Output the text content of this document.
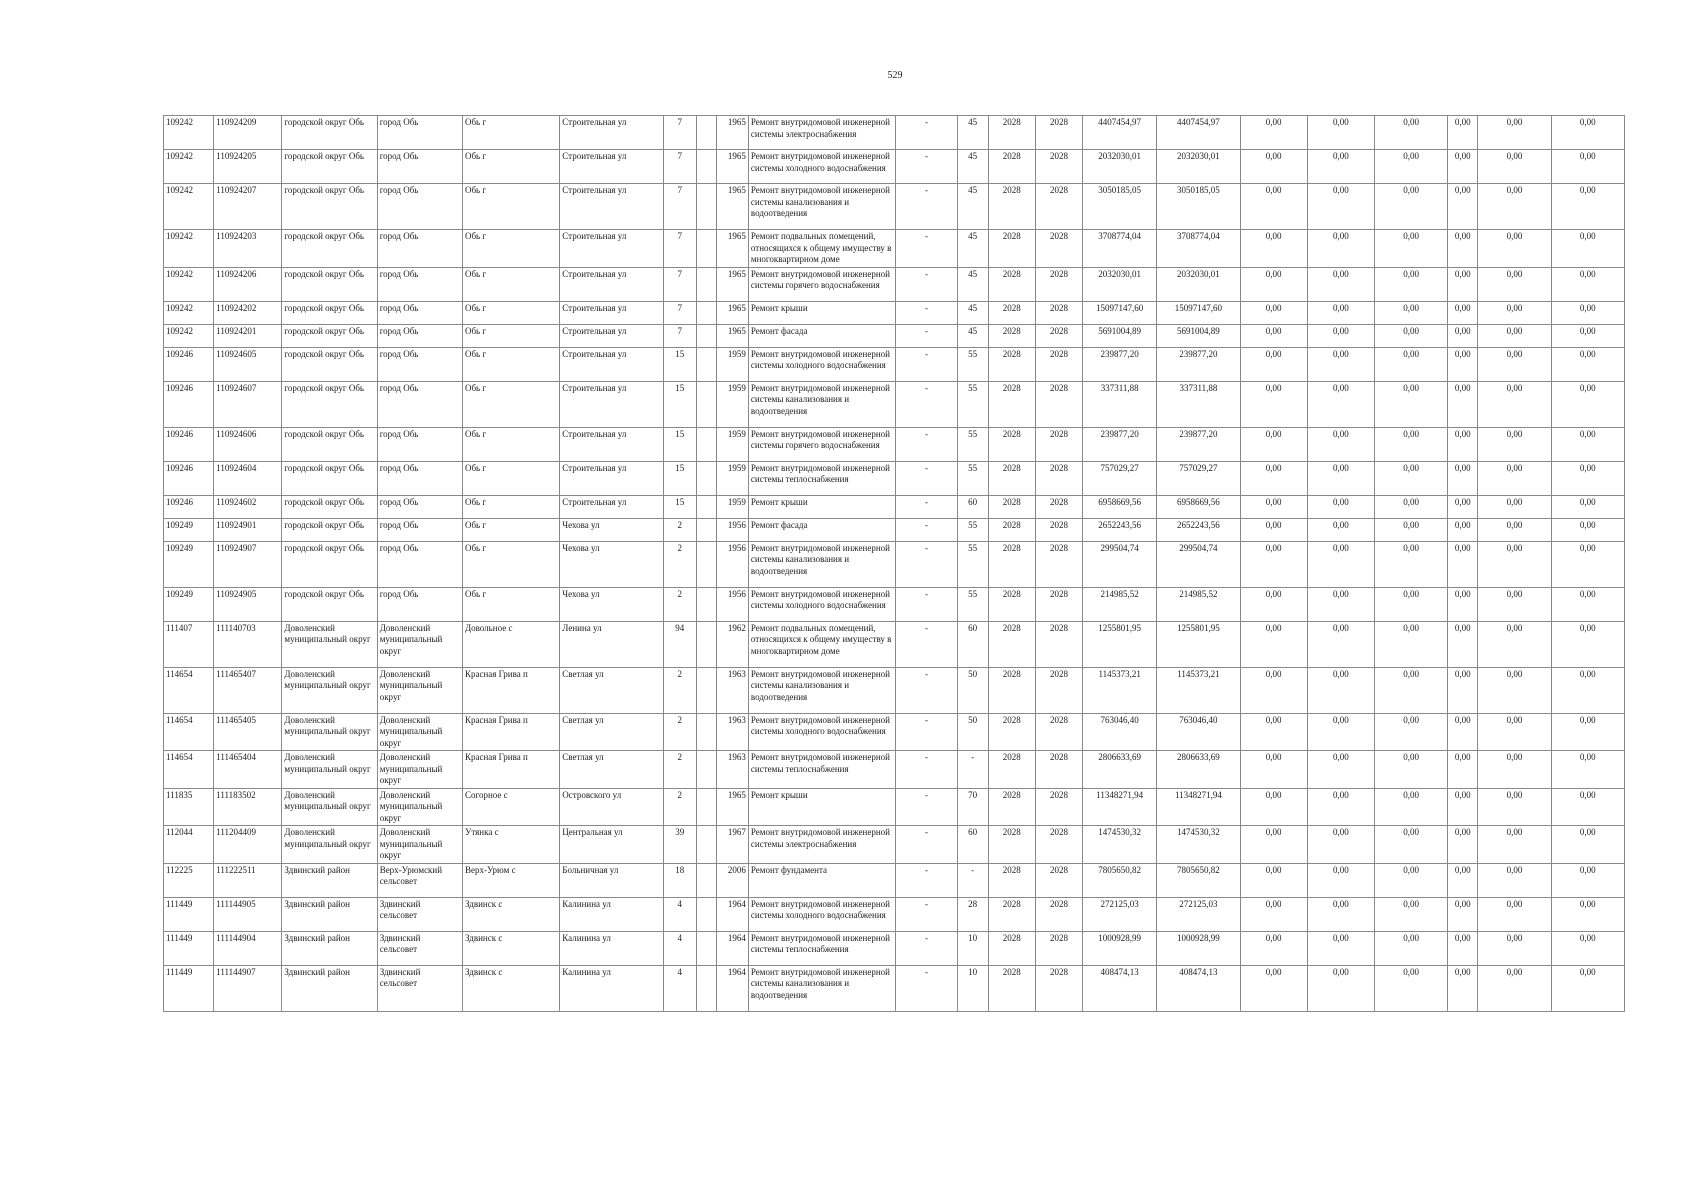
529
109242	110924209	городской округ Обь	город Обь	Обь г	Строительная ул	7		1965	Ремонт внутридомовой инженерной системы электроснабжения	-	45	2028	2028	4407454,97	4407454,97	0,00	0,00	0,00	0,00	0,00	0,00
109242	110924205	городской округ Обь	город Обь	Обь г	Строительная ул	7		1965	Ремонт внутридомовой инженерной системы холодного водоснабжения	-	45	2028	2028	2032030,01	2032030,01	0,00	0,00	0,00	0,00	0,00	0,00
109242	110924207	городской округ Обь	город Обь	Обь г	Строительная ул	7		1965	Ремонт внутридомовой инженерной системы канализования и водоотведения	-	45	2028	2028	3050185,05	3050185,05	0,00	0,00	0,00	0,00	0,00	0,00
109242	110924203	городской округ Обь	город Обь	Обь г	Строительная ул	7		1965	Ремонт подвальных помещений, относящихся к общему имуществу в многоквартирном доме	-	45	2028	2028	3708774,04	3708774,04	0,00	0,00	0,00	0,00	0,00	0,00
109242	110924206	городской округ Обь	город Обь	Обь г	Строительная ул	7		1965	Ремонт внутридомовой инженерной системы горячего водоснабжения	-	45	2028	2028	2032030,01	2032030,01	0,00	0,00	0,00	0,00	0,00	0,00
109242	110924202	городской округ Обь	город Обь	Обь г	Строительная ул	7		1965	Ремонт крыши	-	45	2028	2028	15097147,60	15097147,60	0,00	0,00	0,00	0,00	0,00	0,00
109242	110924201	городской округ Обь	город Обь	Обь г	Строительная ул	7		1965	Ремонт фасада	-	45	2028	2028	5691004,89	5691004,89	0,00	0,00	0,00	0,00	0,00	0,00
109246	110924605	городской округ Обь	город Обь	Обь г	Строительная ул	15		1959	Ремонт внутридомовой инженерной системы холодного водоснабжения	-	55	2028	2028	239877,20	239877,20	0,00	0,00	0,00	0,00	0,00	0,00
109246	110924607	городской округ Обь	город Обь	Обь г	Строительная ул	15		1959	Ремонт внутридомовой инженерной системы канализования и водоотведения	-	55	2028	2028	337311,88	337311,88	0,00	0,00	0,00	0,00	0,00	0,00
109246	110924606	городской округ Обь	город Обь	Обь г	Строительная ул	15		1959	Ремонт внутридомовой инженерной системы горячего водоснабжения	-	55	2028	2028	239877,20	239877,20	0,00	0,00	0,00	0,00	0,00	0,00
109246	110924604	городской округ Обь	город Обь	Обь г	Строительная ул	15		1959	Ремонт внутридомовой инженерной системы теплоснабжения	-	55	2028	2028	757029,27	757029,27	0,00	0,00	0,00	0,00	0,00	0,00
109246	110924602	городской округ Обь	город Обь	Обь г	Строительная ул	15		1959	Ремонт крыши	-	60	2028	2028	6958669,56	6958669,56	0,00	0,00	0,00	0,00	0,00	0,00
109249	110924901	городской округ Обь	город Обь	Обь г	Чехова ул	2		1956	Ремонт фасада	-	55	2028	2028	2652243,56	2652243,56	0,00	0,00	0,00	0,00	0,00	0,00
109249	110924907	городской округ Обь	город Обь	Обь г	Чехова ул	2		1956	Ремонт внутридомовой инженерной системы канализования и водоотведения	-	55	2028	2028	299504,74	299504,74	0,00	0,00	0,00	0,00	0,00	0,00
109249	110924905	городской округ Обь	город Обь	Обь г	Чехова ул	2		1956	Ремонт внутридомовой инженерной системы холодного водоснабжения	-	55	2028	2028	214985,52	214985,52	0,00	0,00	0,00	0,00	0,00	0,00
111407	111140703	Доволенский муниципальный округ	Доволенский муниципальный округ	Довольное с	Ленина ул	94		1962	Ремонт подвальных помещений, относящихся к общему имуществу в многоквартирном доме	-	60	2028	2028	1255801,95	1255801,95	0,00	0,00	0,00	0,00	0,00	0,00
114654	111465407	Доволенский муниципальный округ	Доволенский муниципальный округ	Красная Грива п	Светлая ул	2		1963	Ремонт внутридомовой инженерной системы канализования и водоотведения	-	50	2028	2028	1145373,21	1145373,21	0,00	0,00	0,00	0,00	0,00	0,00
114654	111465405	Доволенский муниципальный округ	Доволенский муниципальный округ	Красная Грива п	Светлая ул	2		1963	Ремонт внутридомовой инженерной системы холодного водоснабжения	-	50	2028	2028	763046,40	763046,40	0,00	0,00	0,00	0,00	0,00	0,00
114654	111465404	Доволенский муниципальный округ	Доволенский муниципальный округ	Красная Грива п	Светлая ул	2		1963	Ремонт внутридомовой инженерной системы теплоснабжения	-	-	2028	2028	2806633,69	2806633,69	0,00	0,00	0,00	0,00	0,00	0,00
111835	111183502	Доволенский муниципальный округ	Доволенский муниципальный округ	Согорное с	Островского ул	2		1965	Ремонт крыши	-	70	2028	2028	11348271,94	11348271,94	0,00	0,00	0,00	0,00	0,00	0,00
112044	111204409	Доволенский муниципальный округ	Доволенский муниципальный округ	Утянка с	Центральная ул	39		1967	Ремонт внутридомовой инженерной системы электроснабжения	-	60	2028	2028	1474530,32	1474530,32	0,00	0,00	0,00	0,00	0,00	0,00
112225	111222511	Здвинский район	Верх-Урюмский сельсовет	Верх-Урюм с	Больничная ул	18		2006	Ремонт фундамента	-	-	2028	2028	7805650,82	7805650,82	0,00	0,00	0,00	0,00	0,00	0,00
111449	111144905	Здвинский район	Здвинский сельсовет	Здвинск с	Калинина ул	4		1964	Ремонт внутридомовой инженерной системы холодного водоснабжения	-	28	2028	2028	272125,03	272125,03	0,00	0,00	0,00	0,00	0,00	0,00
111449	111144904	Здвинский район	Здвинский сельсовет	Здвинск с	Калинина ул	4		1964	Ремонт внутридомовой инженерной системы теплоснабжения	-	10	2028	2028	1000928,99	1000928,99	0,00	0,00	0,00	0,00	0,00	0,00
111449	111144907	Здвинский район	Здвинский сельсовет	Здвинск с	Калинина ул	4		1964	Ремонт внутридомовой инженерной системы канализования и водоотведения	-	10	2028	2028	408474,13	408474,13	0,00	0,00	0,00	0,00	0,00	0,00
